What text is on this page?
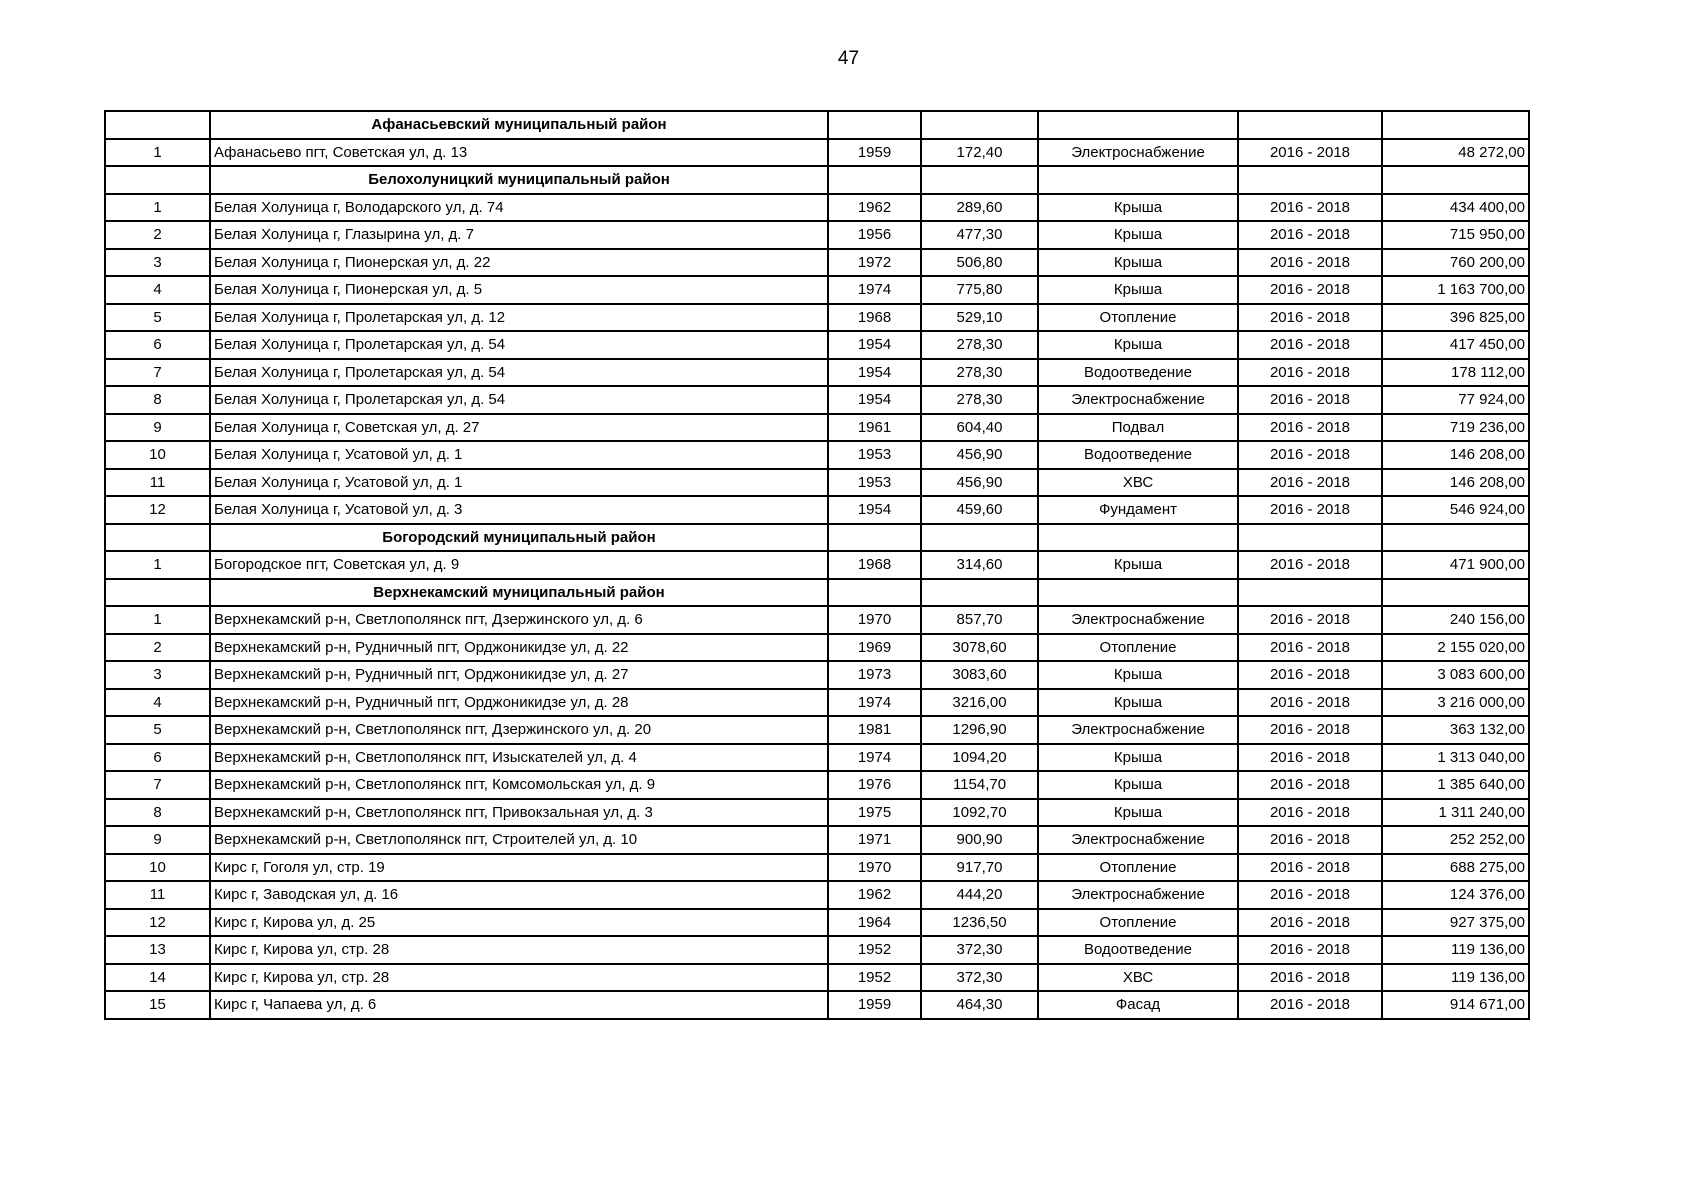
47
	Афанасьевский муниципальный район					
1	Афанасьево пгт, Советская ул, д. 13	1959	172,40	Электроснабжение	2016 - 2018	48 272,00
	Белохолуницкий муниципальный район					
1	Белая Холуница г, Володарского ул, д. 74	1962	289,60	Крыша	2016 - 2018	434 400,00
2	Белая Холуница г, Глазырина ул, д. 7	1956	477,30	Крыша	2016 - 2018	715 950,00
3	Белая Холуница г, Пионерская ул, д. 22	1972	506,80	Крыша	2016 - 2018	760 200,00
4	Белая Холуница г, Пионерская ул, д. 5	1974	775,80	Крыша	2016 - 2018	1 163 700,00
5	Белая Холуница г, Пролетарская ул, д. 12	1968	529,10	Отопление	2016 - 2018	396 825,00
6	Белая Холуница г, Пролетарская ул, д. 54	1954	278,30	Крыша	2016 - 2018	417 450,00
7	Белая Холуница г, Пролетарская ул, д. 54	1954	278,30	Водоотведение	2016 - 2018	178 112,00
8	Белая Холуница г, Пролетарская ул, д. 54	1954	278,30	Электроснабжение	2016 - 2018	77 924,00
9	Белая Холуница г, Советская ул, д. 27	1961	604,40	Подвал	2016 - 2018	719 236,00
10	Белая Холуница г, Усатовой ул, д. 1	1953	456,90	Водоотведение	2016 - 2018	146 208,00
11	Белая Холуница г, Усатовой ул, д. 1	1953	456,90	ХВС	2016 - 2018	146 208,00
12	Белая Холуница г, Усатовой ул, д. 3	1954	459,60	Фундамент	2016 - 2018	546 924,00
	Богородский муниципальный район					
1	Богородское пгт, Советская ул, д. 9	1968	314,60	Крыша	2016 - 2018	471 900,00
	Верхнекамский муниципальный район					
1	Верхнекамский р-н, Светлополянск пгт, Дзержинского ул, д. 6	1970	857,70	Электроснабжение	2016 - 2018	240 156,00
2	Верхнекамский р-н, Рудничный пгт, Орджоникидзе ул, д. 22	1969	3078,60	Отопление	2016 - 2018	2 155 020,00
3	Верхнекамский р-н, Рудничный пгт, Орджоникидзе ул, д. 27	1973	3083,60	Крыша	2016 - 2018	3 083 600,00
4	Верхнекамский р-н, Рудничный пгт, Орджоникидзе ул, д. 28	1974	3216,00	Крыша	2016 - 2018	3 216 000,00
5	Верхнекамский р-н, Светлополянск пгт, Дзержинского ул, д. 20	1981	1296,90	Электроснабжение	2016 - 2018	363 132,00
6	Верхнекамский р-н, Светлополянск пгт, Изыскателей ул, д. 4	1974	1094,20	Крыша	2016 - 2018	1 313 040,00
7	Верхнекамский р-н, Светлополянск пгт, Комсомольская ул, д. 9	1976	1154,70	Крыша	2016 - 2018	1 385 640,00
8	Верхнекамский р-н, Светлополянск пгт, Привокзальная ул, д. 3	1975	1092,70	Крыша	2016 - 2018	1 311 240,00
9	Верхнекамский р-н, Светлополянск пгт, Строителей ул, д. 10	1971	900,90	Электроснабжение	2016 - 2018	252 252,00
10	Кирс г, Гоголя ул, стр. 19	1970	917,70	Отопление	2016 - 2018	688 275,00
11	Кирс г, Заводская ул, д. 16	1962	444,20	Электроснабжение	2016 - 2018	124 376,00
12	Кирс г, Кирова ул, д. 25	1964	1236,50	Отопление	2016 - 2018	927 375,00
13	Кирс г, Кирова ул, стр. 28	1952	372,30	Водоотведение	2016 - 2018	119 136,00
14	Кирс г, Кирова ул, стр. 28	1952	372,30	ХВС	2016 - 2018	119 136,00
15	Кирс г, Чапаева ул, д. 6	1959	464,30	Фасад	2016 - 2018	914 671,00
